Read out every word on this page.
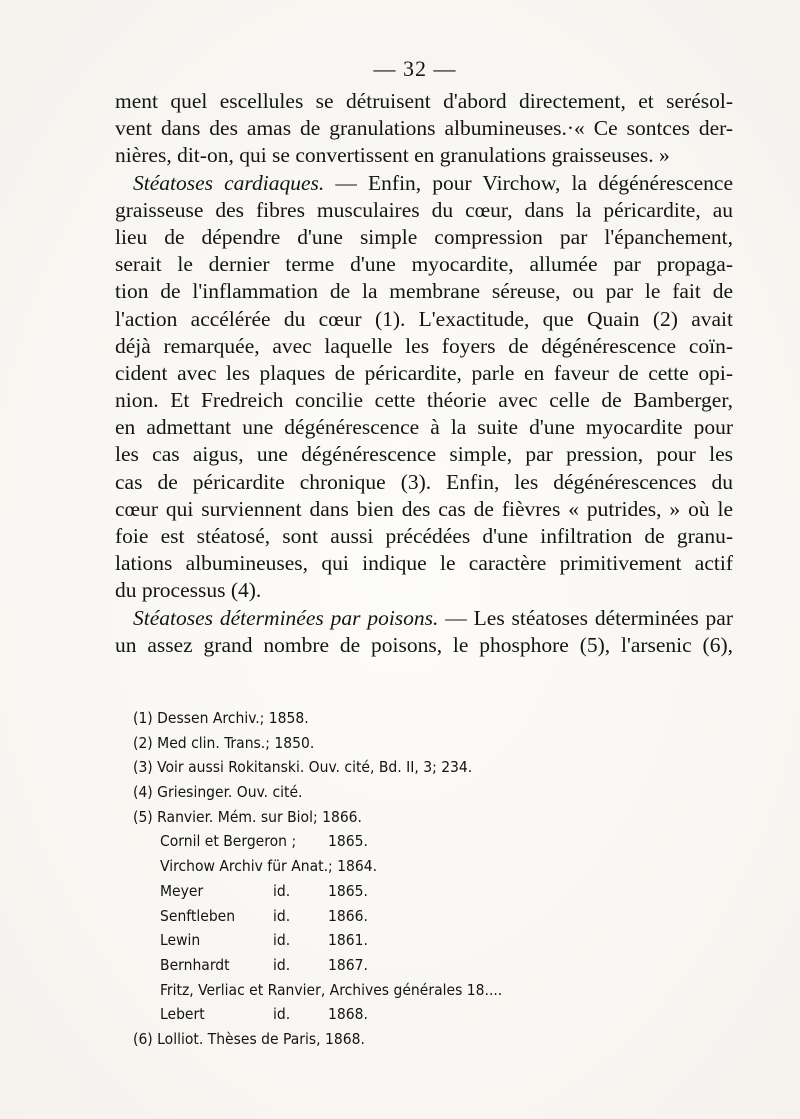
— 32 —
ment quel escellules se détruisent d'abord directement, et serésol-
vent dans des amas de granulations albumineuses.·« Ce sontces der-
nières, dit-on, qui se convertissent en granulations graisseuses. »
Stéatoses cardiaques. — Enfin, pour Virchow, la dégénérescence
graisseuse des fibres musculaires du cœur, dans la péricardite, au
lieu de dépendre d'une simple compression par l'épanchement,
serait le dernier terme d'une myocardite, allumée par propaga-
tion de l'inflammation de la membrane séreuse, ou par le fait de
l'action accélérée du cœur (1). L'exactitude, que Quain (2) avait
déjà remarquée, avec laquelle les foyers de dégénérescence coïn-
cident avec les plaques de péricardite, parle en faveur de cette opi-
nion. Et Fredreich concilie cette théorie avec celle de Bamberger,
en admettant une dégénérescence à la suite d'une myocardite pour
les cas aigus, une dégénérescence simple, par pression, pour les
cas de péricardite chronique (3). Enfin, les dégénérescences du
cœur qui surviennent dans bien des cas de fièvres « putrides, » où le
foie est stéatosé, sont aussi précédées d'une infiltration de granu-
lations albumineuses, qui indique le caractère primitivement actif
du processus (4).
Stéatoses déterminées par poisons. — Les stéatoses déterminées par
un assez grand nombre de poisons, le phosphore (5), l'arsenic (6),
(1) Dessen Archiv.; 1858.
(2) Med clin. Trans.; 1850.
(3) Voir aussi Rokitanski. Ouv. cité, Bd. II, 3; 234.
(4) Griesinger. Ouv. cité.
(5) Ranvier. Mém. sur Biol; 1866.
Cornil et Bergeron ; 1865.
Virchow Archiv für Anat.; 1864.
Meyer	id. 1865.
Senftleben id. 1866.
Lewin	id. 1861.
Bernhardt	id. 1867.
Fritz, Verliac et Ranvier, Archives générales 18....
Lebert	id. 1868.
(6) Lolliot. Thèses de Paris, 1868.
